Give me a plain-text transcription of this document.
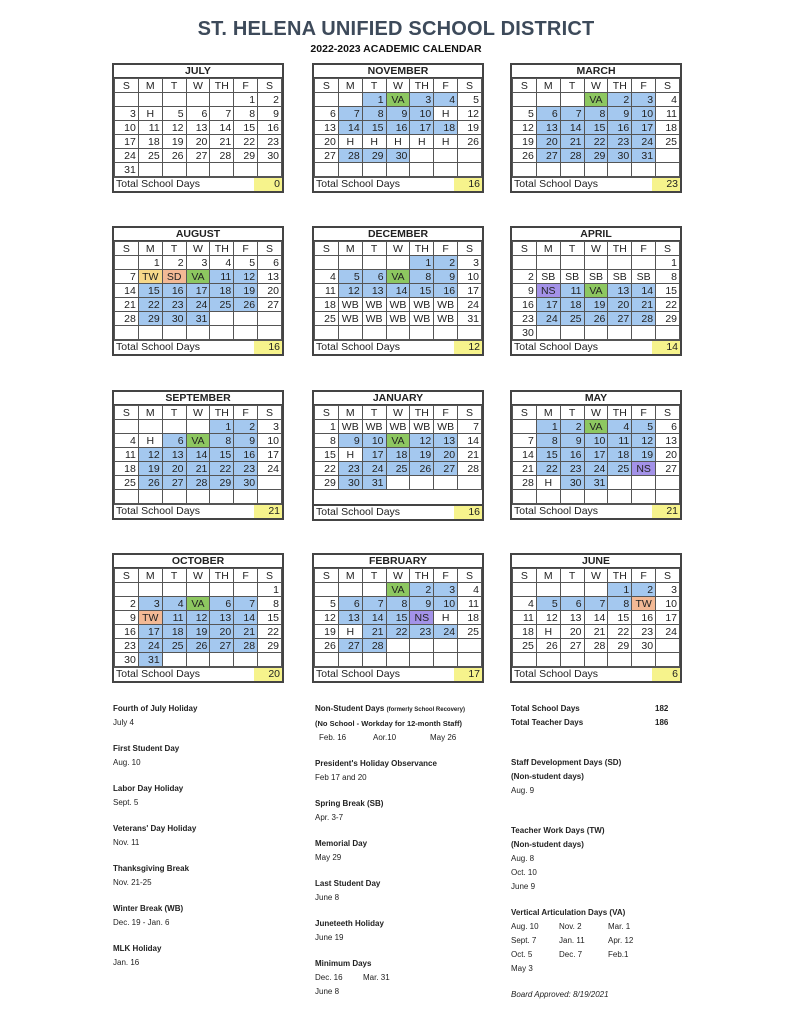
ST. HELENA UNIFIED SCHOOL DISTRICT
2022-2023 ACADEMIC CALENDAR
JULY
S	M	T	W	TH	F	S
					1	2
3	H	5	6	7	8	9
10	11	12	13	14	15	16
17	18	19	20	21	22	23
24	25	26	27	28	29	30
31						
Total School Days	0
NOVEMBER
S	M	T	W	TH	F	S
		1	VA	3	4	5
6	7	8	9	10	H	12
13	14	15	16	17	18	19
20	H	H	H	H	H	26
27	28	29	30			

Total School Days	16
MARCH
S	M	T	W	TH	F	S
			VA	2	3	4
5	6	7	8	9	10	11
12	13	14	15	16	17	18
19	20	21	22	23	24	25
26	27	28	29	30	31	

Total School Days	23
AUGUST
S	M	T	W	TH	F	S
	1	2	3	4	5	6
7	TW	SD	VA	11	12	13
14	15	16	17	18	19	20
21	22	23	24	25	26	27
28	29	30	31			

Total School Days	16
DECEMBER
S	M	T	W	TH	F	S
				1	2	3
4	5	6	VA	8	9	10
11	12	13	14	15	16	17
18	WB	WB	WB	WB	WB	24
25	WB	WB	WB	WB	WB	31

Total School Days	12
APRIL
S	M	T	W	TH	F	S
						1
2	SB	SB	SB	SB	SB	8
9	NS	11	VA	13	14	15
16	17	18	19	20	21	22
23	24	25	26	27	28	29
30						
Total School Days	14
SEPTEMBER
S	M	T	W	TH	F	S
				1	2	3
4	H	6	VA	8	9	10
11	12	13	14	15	16	17
18	19	20	21	22	23	24
25	26	27	28	29	30	

Total School Days	21
JANUARY
S	M	T	W	TH	F	S
1	WB	WB	WB	WB	WB	7
8	9	10	VA	12	13	14
15	H	17	18	19	20	21
22	23	24	25	26	27	28
29	30	31				
Total School Days	16
MAY
S	M	T	W	TH	F	S
	1	2	VA	4	5	6
7	8	9	10	11	12	13
14	15	16	17	18	19	20
21	22	23	24	25	NS	27
28	H	30	31			

Total School Days	21
OCTOBER
S	M	T	W	TH	F	S
						1
2	3	4	VA	6	7	8
9	TW	11	12	13	14	15
16	17	18	19	20	21	22
23	24	25	26	27	28	29
30	31					
Total School Days	20
FEBRUARY
S	M	T	W	TH	F	S
			VA	2	3	4
5	6	7	8	9	10	11
12	13	14	15	NS	H	18
19	H	21	22	23	24	25
26	27	28				

Total School Days	17
JUNE
S	M	T	W	TH	F	S
				1	2	3
4	5	6	7	8	TW	10
11	12	13	14	15	16	17
18	H	20	21	22	23	24
25	26	27	28	29	30	

Total School Days	6
Fourth of July Holiday
July 4
First Student Day
Aug. 10
Labor Day Holiday
Sept. 5
Veterans' Day Holiday
Nov. 11
Thanksgiving Break
Nov. 21-25
Winter Break (WB)
Dec. 19 - Jan. 6
MLK Holiday
Jan. 16
Non-Student Days (formerly School Recovery)
(No School - Workday for 12-month Staff)
Feb. 16	Aor.10	May 26
President's Holiday Observance
Feb 17 and 20
Spring Break (SB)
Apr. 3-7
Memorial Day
May 29
Last Student Day
June 8
Juneteeth Holiday
June 19
Minimum Days
Dec. 16	Mar. 31
June 8
Total School Days	182
Total Teacher Days	186
Staff Development Days (SD)
(Non-student days)
Aug. 9
Teacher Work Days (TW)
(Non-student days)
Aug. 8
Oct. 10
June 9
Vertical Articulation Days (VA)
Aug. 10	Nov. 2	Mar. 1
Sept. 7	Jan. 11	Apr. 12
Oct. 5	Dec. 7	Feb.1
May 3
Board Approved: 8/19/2021
